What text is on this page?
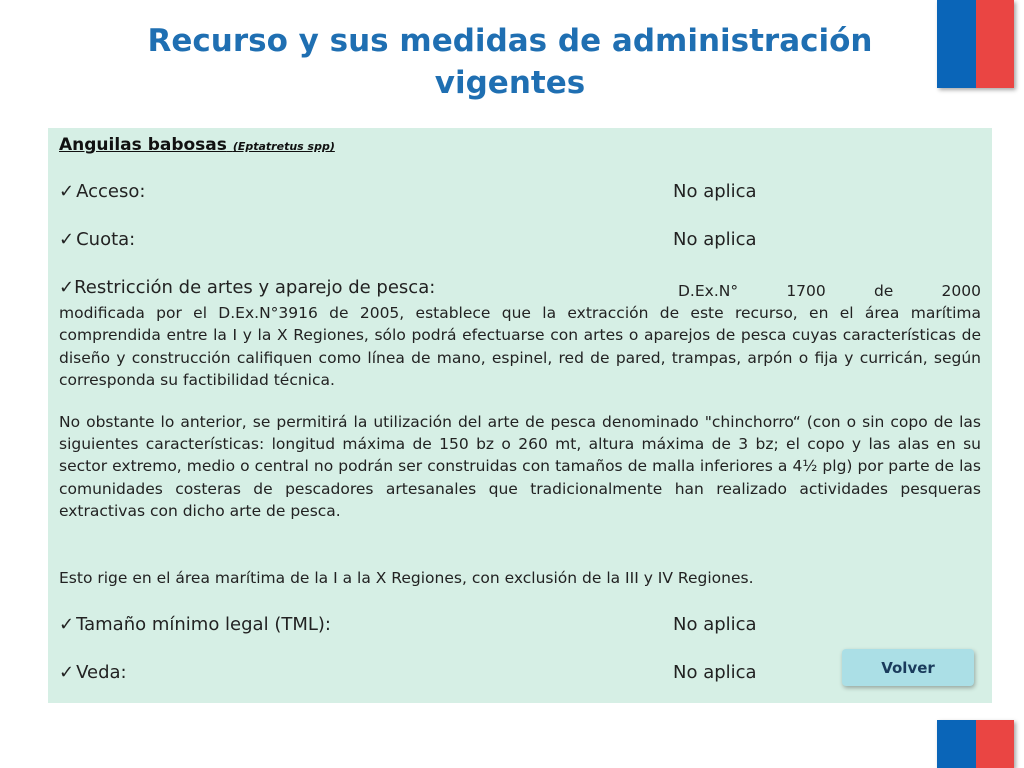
Recurso y sus medidas de administración
vigentes
Anguilas babosas (Eptatretus spp)
✓ Acceso:	No aplica
✓ Cuota:	No aplica
✓Restricción de artes y aparejo de pesca:	D.Ex.N°	1700	de	2000
modificada por el D.Ex.N°3916 de 2005, establece que la extracción de este recurso, en el área marítima comprendida entre la I y la X Regiones, sólo podrá efectuarse con artes o aparejos de pesca cuyas características de diseño y construcción califiquen como línea de mano, espinel, red de pared, trampas, arpón o fija y curricán, según corresponda su factibilidad técnica.
No obstante lo anterior, se permitirá la utilización del arte de pesca denominado "chinchorro“ (con o sin copo de las siguientes características: longitud máxima de 150 bz o 260 mt, altura máxima de 3 bz; el copo y las alas en su sector extremo, medio o central no podrán ser construidas con tamaños de malla inferiores a 4½ plg) por parte de las comunidades costeras de pescadores artesanales que tradicionalmente han realizado actividades pesqueras extractivas con dicho arte de pesca.
Esto rige en el área marítima de la I a la X Regiones, con exclusión de la III y IV Regiones.
✓ Tamaño mínimo legal (TML):	No aplica
✓ Veda:	No aplica	Volver
